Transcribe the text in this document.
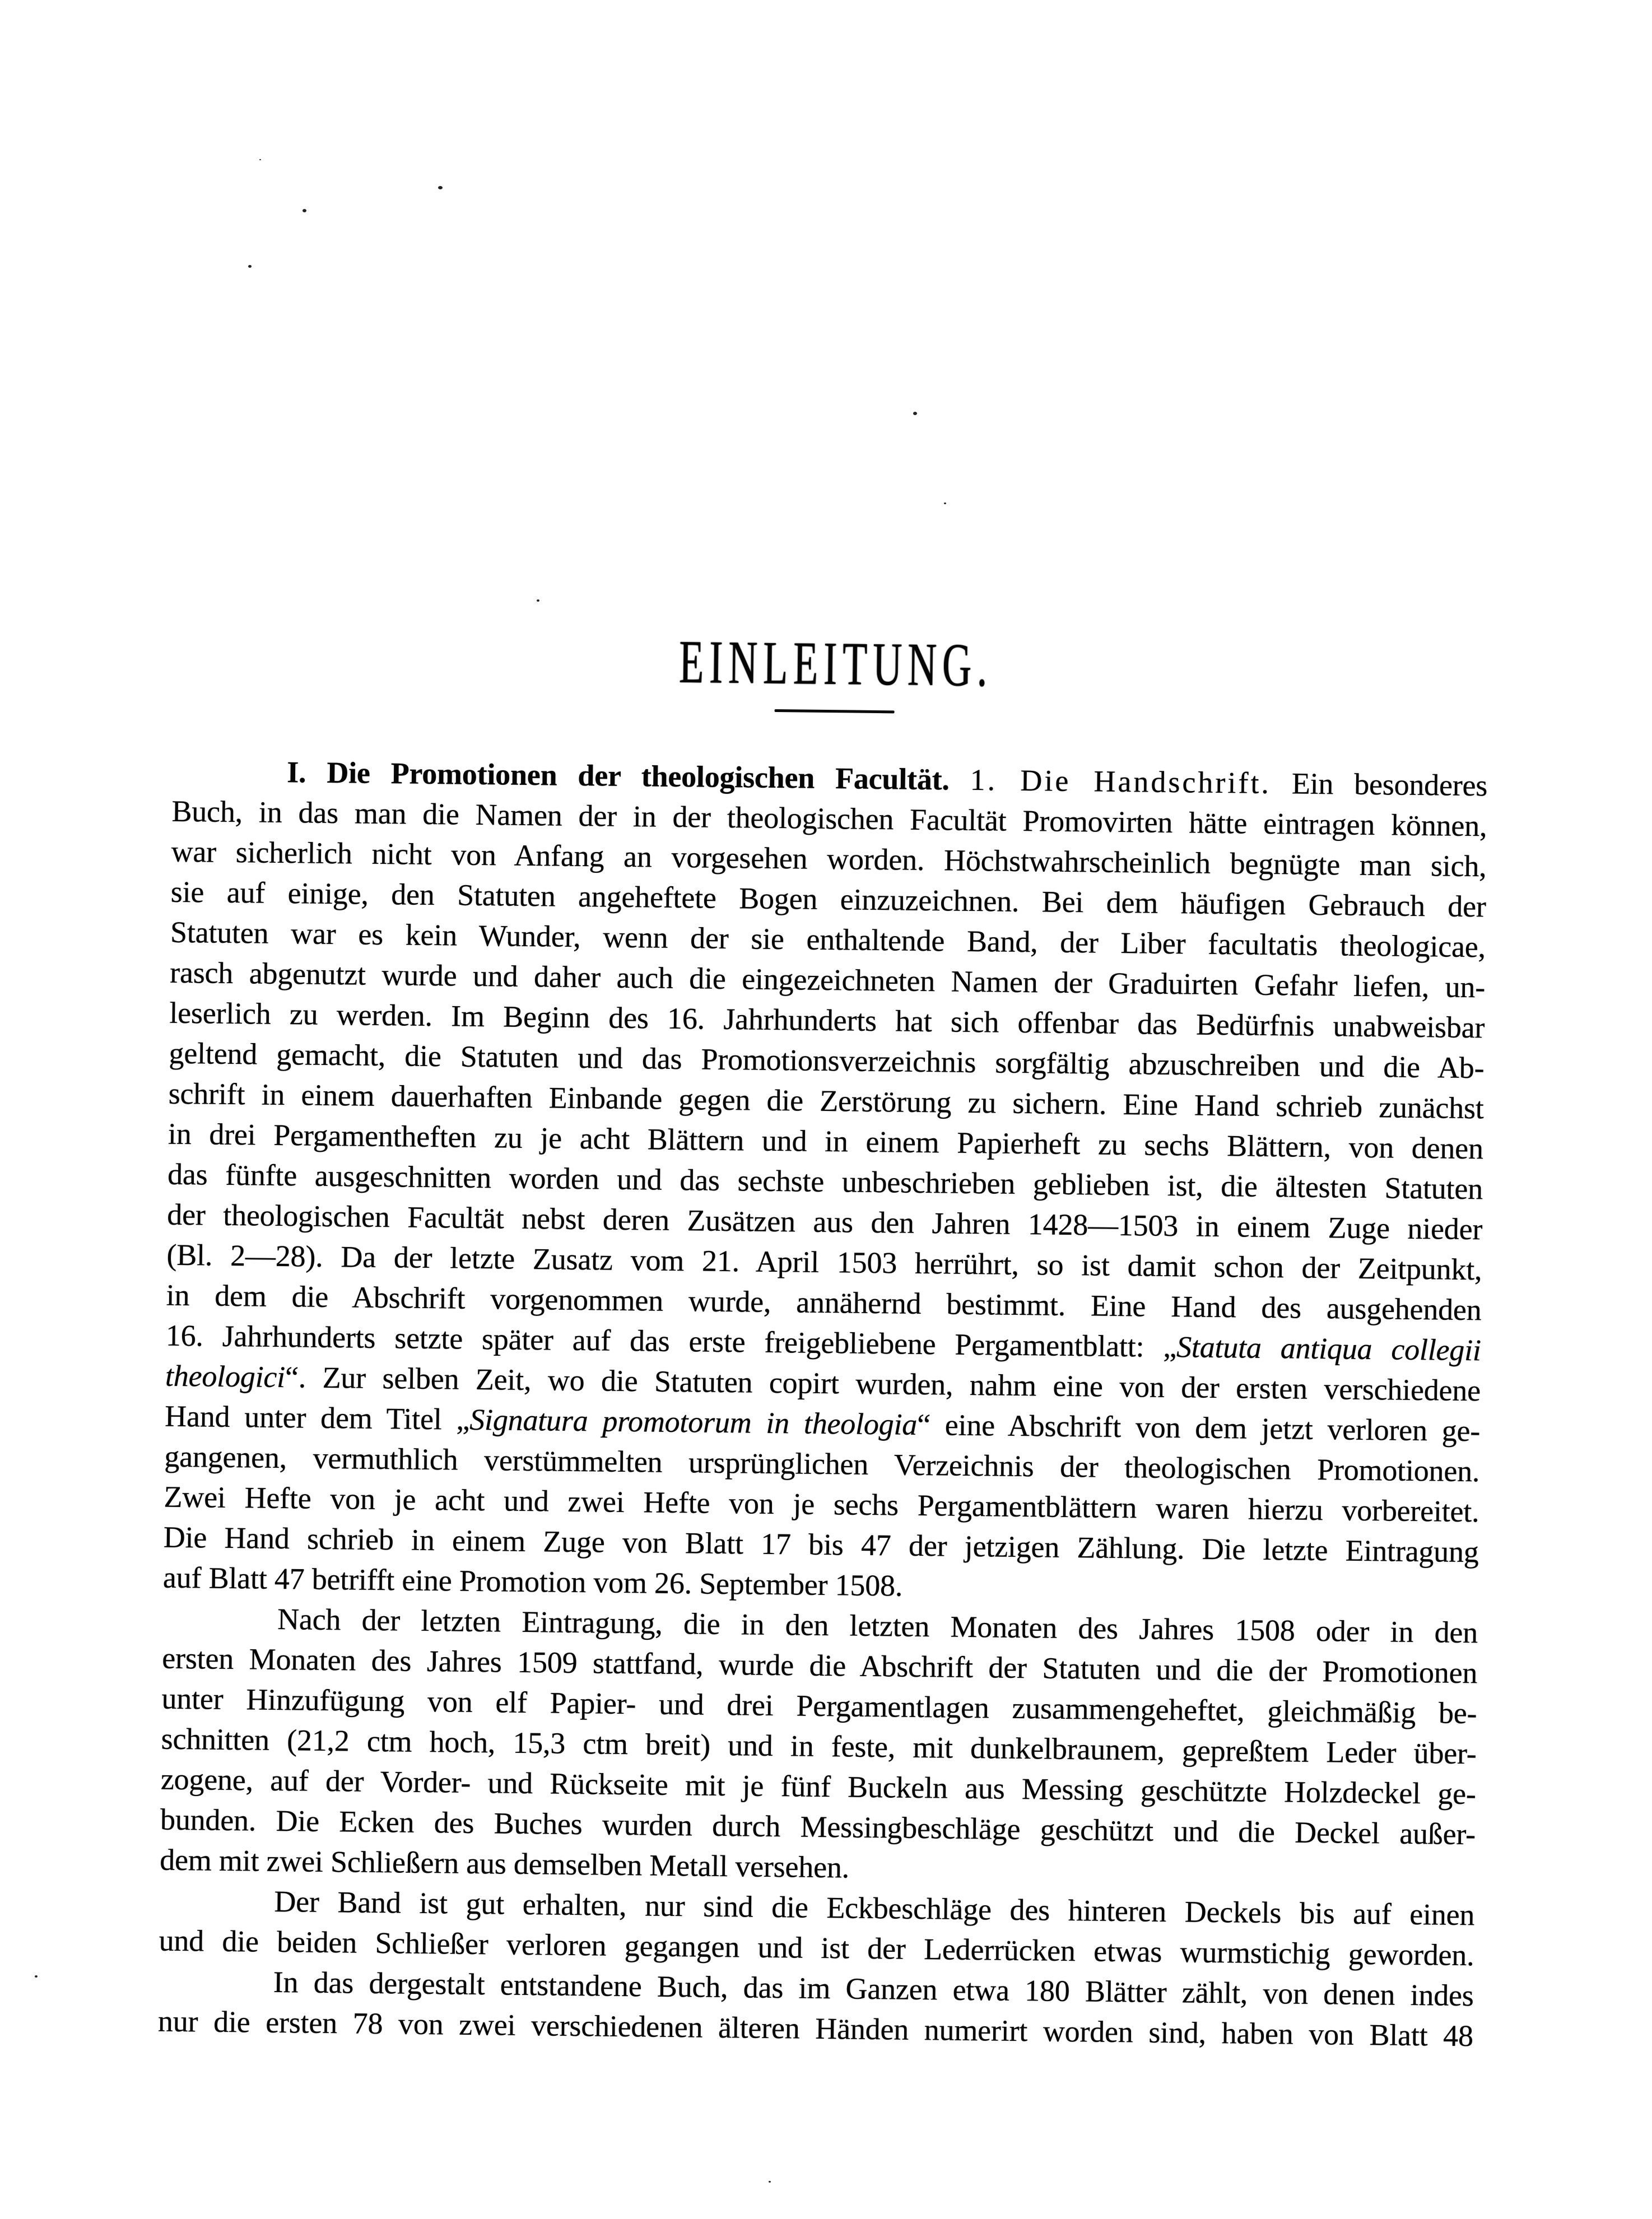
EINLEITUNG.
I. Die Promotionen der theologischen Facultät. 1. Die Handschrift. Ein besonderes
Buch, in das man die Namen der in der theologischen Facultät Promovirten hätte eintragen können,
war sicherlich nicht von Anfang an vorgesehen worden. Höchstwahrscheinlich begnügte man sich,
sie auf einige, den Statuten angeheftete Bogen einzuzeichnen. Bei dem häufigen Gebrauch der
Statuten war es kein Wunder, wenn der sie enthaltende Band, der Liber facultatis theologicae,
rasch abgenutzt wurde und daher auch die eingezeichneten Namen der Graduirten Gefahr liefen, un-
leserlich zu werden. Im Beginn des 16. Jahrhunderts hat sich offenbar das Bedürfnis unabweisbar
geltend gemacht, die Statuten und das Promotionsverzeichnis sorgfältig abzuschreiben und die Ab-
schrift in einem dauerhaften Einbande gegen die Zerstörung zu sichern. Eine Hand schrieb zunächst
in drei Pergamentheften zu je acht Blättern und in einem Papierheft zu sechs Blättern, von denen
das fünfte ausgeschnitten worden und das sechste unbeschrieben geblieben ist, die ältesten Statuten
der theologischen Facultät nebst deren Zusätzen aus den Jahren 1428—1503 in einem Zuge nieder
(Bl. 2—28). Da der letzte Zusatz vom 21. April 1503 herrührt, so ist damit schon der Zeitpunkt,
in dem die Abschrift vorgenommen wurde, annähernd bestimmt. Eine Hand des ausgehenden
16. Jahrhunderts setzte später auf das erste freigebliebene Pergamentblatt: „Statuta antiqua collegii
theologici“. Zur selben Zeit, wo die Statuten copirt wurden, nahm eine von der ersten verschiedene
Hand unter dem Titel „Signatura promotorum in theologia“ eine Abschrift von dem jetzt verloren ge-
gangenen, vermuthlich verstümmelten ursprünglichen Verzeichnis der theologischen Promotionen.
Zwei Hefte von je acht und zwei Hefte von je sechs Pergamentblättern waren hierzu vorbereitet.
Die Hand schrieb in einem Zuge von Blatt 17 bis 47 der jetzigen Zählung. Die letzte Eintragung
auf Blatt 47 betrifft eine Promotion vom 26. September 1508.
Nach der letzten Eintragung, die in den letzten Monaten des Jahres 1508 oder in den
ersten Monaten des Jahres 1509 stattfand, wurde die Abschrift der Statuten und die der Promotionen
unter Hinzufügung von elf Papier- und drei Pergamentlagen zusammengeheftet, gleichmäßig be-
schnitten (21,2 ctm hoch, 15,3 ctm breit) und in feste, mit dunkelbraunem, gepreßtem Leder über-
zogene, auf der Vorder- und Rückseite mit je fünf Buckeln aus Messing geschützte Holzdeckel ge-
bunden. Die Ecken des Buches wurden durch Messingbeschläge geschützt und die Deckel außer-
dem mit zwei Schließern aus demselben Metall versehen.
Der Band ist gut erhalten, nur sind die Eckbeschläge des hinteren Deckels bis auf einen
und die beiden Schließer verloren gegangen und ist der Lederrücken etwas wurmstichig geworden.
In das dergestalt entstandene Buch, das im Ganzen etwa 180 Blätter zählt, von denen indes
nur die ersten 78 von zwei verschiedenen älteren Händen numerirt worden sind, haben von Blatt 48
